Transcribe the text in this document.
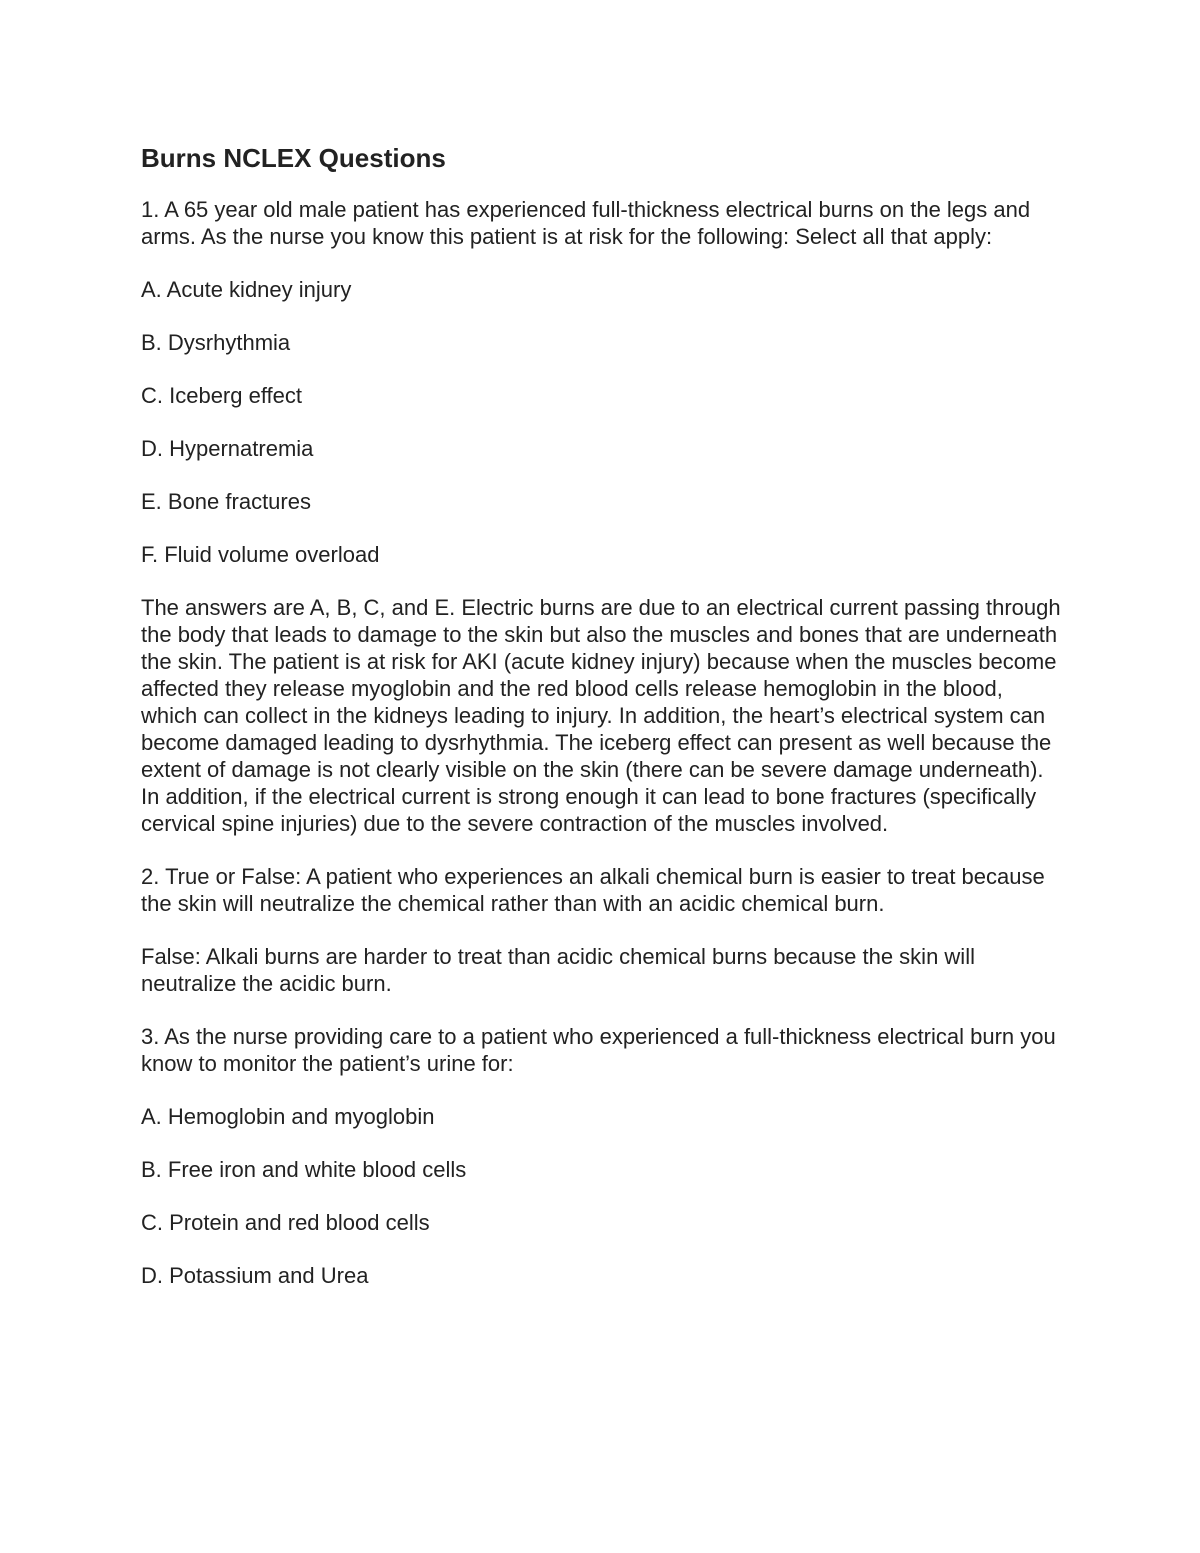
Burns NCLEX Questions

1. A 65 year old male patient has experienced full-thickness electrical burns on the legs and arms. As the nurse you know this patient is at risk for the following: Select all that apply:

A. Acute kidney injury

B. Dysrhythmia

C. Iceberg effect

D. Hypernatremia

E. Bone fractures

F. Fluid volume overload

The answers are A, B, C, and E. Electric burns are due to an electrical current passing through the body that leads to damage to the skin but also the muscles and bones that are underneath the skin. The patient is at risk for AKI (acute kidney injury) because when the muscles become affected they release myoglobin and the red blood cells release hemoglobin in the blood, which can collect in the kidneys leading to injury. In addition, the heart’s electrical system can become damaged leading to dysrhythmia. The iceberg effect can present as well because the extent of damage is not clearly visible on the skin (there can be severe damage underneath). In addition, if the electrical current is strong enough it can lead to bone fractures (specifically cervical spine injuries) due to the severe contraction of the muscles involved.

2. True or False: A patient who experiences an alkali chemical burn is easier to treat because the skin will neutralize the chemical rather than with an acidic chemical burn.

False: Alkali burns are harder to treat than acidic chemical burns because the skin will neutralize the acidic burn.

3. As the nurse providing care to a patient who experienced a full-thickness electrical burn you know to monitor the patient’s urine for:

A. Hemoglobin and myoglobin

B. Free iron and white blood cells

C. Protein and red blood cells

D. Potassium and Urea
